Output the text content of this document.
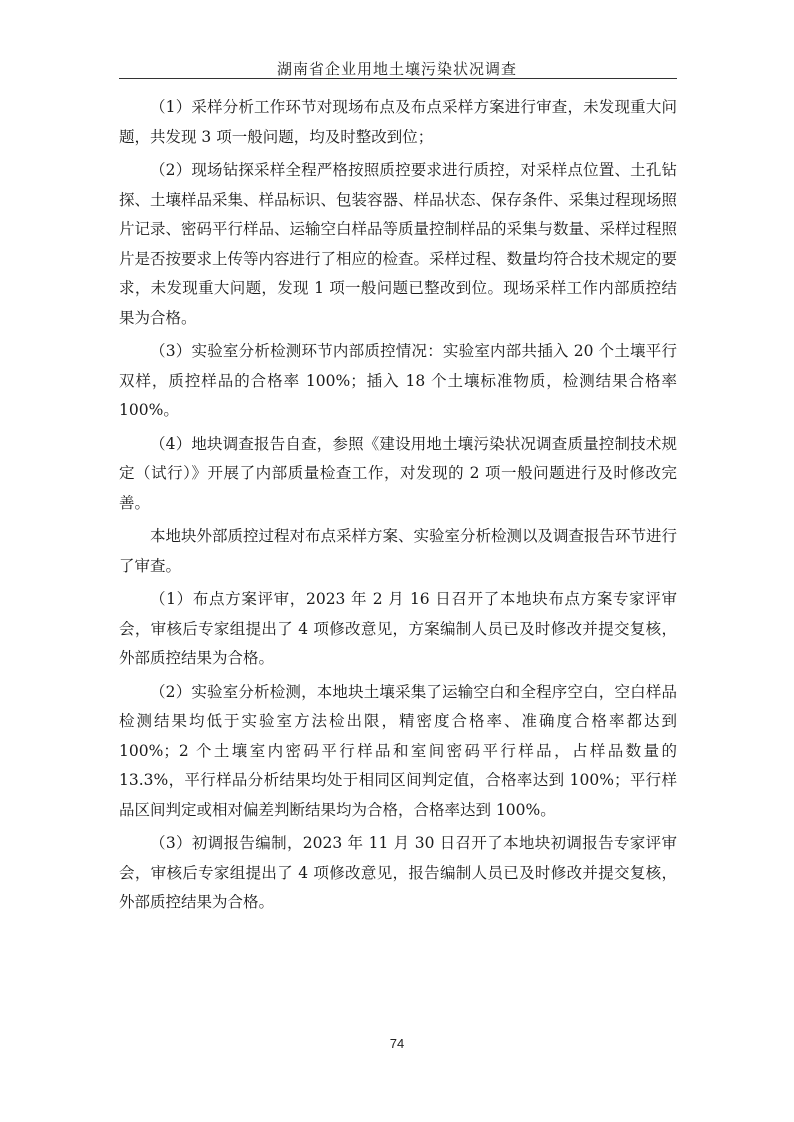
湖南省企业用地土壤污染状况调查

（1）采样分析工作环节对现场布点及布点采样方案进行审查，未发现重大问题，共发现 3 项一般问题，均及时整改到位；

（2）现场钻探采样全程严格按照质控要求进行质控，对采样点位置、土孔钻探、土壤样品采集、样品标识、包装容器、样品状态、保存条件、采集过程现场照片记录、密码平行样品、运输空白样品等质量控制样品的采集与数量、采样过程照片是否按要求上传等内容进行了相应的检查。采样过程、数量均符合技术规定的要求，未发现重大问题，发现 1 项一般问题已整改到位。现场采样工作内部质控结果为合格。

（3）实验室分析检测环节内部质控情况：实验室内部共插入 20 个土壤平行双样，质控样品的合格率 100%；插入 18 个土壤标准物质，检测结果合格率 100%。

（4）地块调查报告自查，参照《建设用地土壤污染状况调查质量控制技术规定（试行）》开展了内部质量检查工作，对发现的 2 项一般问题进行及时修改完善。

本地块外部质控过程对布点采样方案、实验室分析检测以及调查报告环节进行了审查。

（1）布点方案评审，2023 年 2 月 16 日召开了本地块布点方案专家评审会，审核后专家组提出了 4 项修改意见，方案编制人员已及时修改并提交复核，外部质控结果为合格。

（2）实验室分析检测，本地块土壤采集了运输空白和全程序空白，空白样品检测结果均低于实验室方法检出限，精密度合格率、准确度合格率都达到 100%；2 个土壤室内密码平行样品和室间密码平行样品，占样品数量的 13.3%，平行样品分析结果均处于相同区间判定值，合格率达到 100%；平行样品区间判定或相对偏差判断结果均为合格，合格率达到 100%。

（3）初调报告编制，2023 年 11 月 30 日召开了本地块初调报告专家评审会，审核后专家组提出了 4 项修改意见，报告编制人员已及时修改并提交复核，外部质控结果为合格。

74
